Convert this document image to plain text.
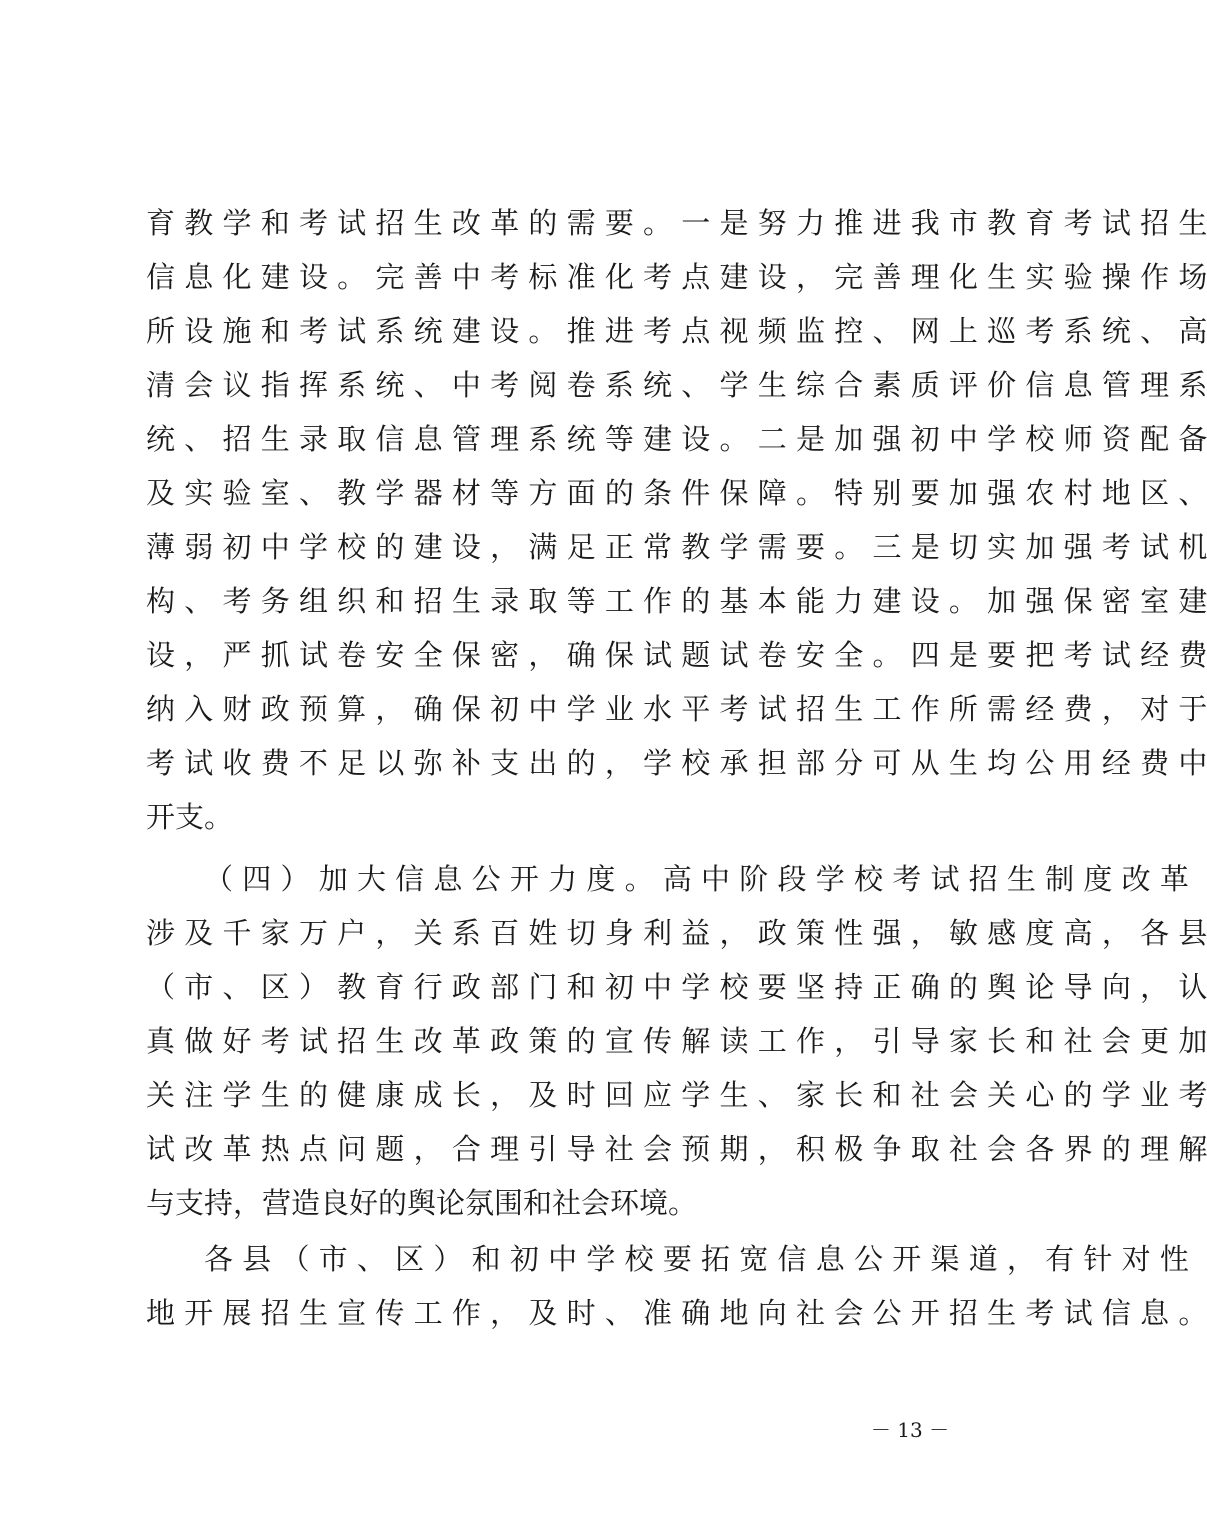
育 教 学 和 考 试 招 生 改 革 的 需 要 。 一 是 努 力 推 进 我 市 教 育 考 试 招 生
信 息 化 建 设 。 完 善 中 考 标 准 化 考 点 建 设 ， 完 善 理 化 生 实 验 操 作 场
所 设 施 和 考 试 系 统 建 设 。 推 进 考 点 视 频 监 控 、 网 上 巡 考 系 统 、 高
清 会 议 指 挥 系 统 、 中 考 阅 卷 系 统 、 学 生 综 合 素 质 评 价 信 息 管 理 系
统 、 招 生 录 取 信 息 管 理 系 统 等 建 设 。 二 是 加 强 初 中 学 校 师 资 配 备
及 实 验 室 、 教 学 器 材 等 方 面 的 条 件 保 障 。 特 别 要 加 强 农 村 地 区 、
薄 弱 初 中 学 校 的 建 设 ， 满 足 正 常 教 学 需 要 。 三 是 切 实 加 强 考 试 机
构 、 考 务 组 织 和 招 生 录 取 等 工 作 的 基 本 能 力 建 设 。 加 强 保 密 室 建
设 ， 严 抓 试 卷 安 全 保 密 ， 确 保 试 题 试 卷 安 全 。 四 是 要 把 考 试 经 费
纳 入 财 政 预 算 ， 确 保 初 中 学 业 水 平 考 试 招 生 工 作 所 需 经 费 ， 对 于
考 试 收 费 不 足 以 弥 补 支 出 的 ， 学 校 承 担 部 分 可 从 生 均 公 用 经 费 中
开支。
（ 四 ） 加 大 信 息 公 开 力 度 。 高 中 阶 段 学 校 考 试 招 生 制 度 改 革
涉 及 千 家 万 户 ， 关 系 百 姓 切 身 利 益 ， 政 策 性 强 ， 敏 感 度 高 ， 各 县
（ 市 、 区 ） 教 育 行 政 部 门 和 初 中 学 校 要 坚 持 正 确 的 舆 论 导 向 ， 认
真 做 好 考 试 招 生 改 革 政 策 的 宣 传 解 读 工 作 ， 引 导 家 长 和 社 会 更 加
关 注 学 生 的 健 康 成 长 ， 及 时 回 应 学 生 、 家 长 和 社 会 关 心 的 学 业 考
试 改 革 热 点 问 题 ， 合 理 引 导 社 会 预 期 ， 积 极 争 取 社 会 各 界 的 理 解
与支持，营造良好的舆论氛围和社会环境。
各 县 （ 市 、 区 ） 和 初 中 学 校 要 拓 宽 信 息 公 开 渠 道 ， 有 针 对 性
地 开 展 招 生 宣 传 工 作 ， 及 时 、 准 确 地 向 社 会 公 开 招 生 考 试 信 息 。
－ 13 －
